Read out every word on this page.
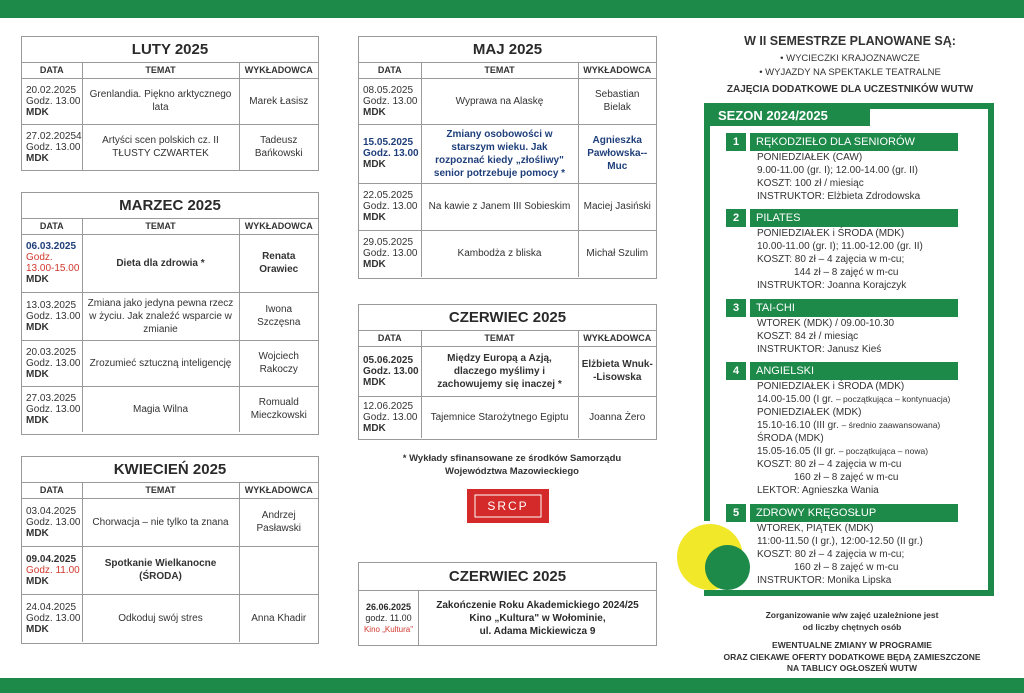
LUTY 2025
DATA	TEMAT	WYKŁADOWCA

20.02.2025
Godz. 13.00
MDK	Grenlandia. Piękno arktycznego lata	Marek Łasisz

27.02.20254
Godz. 13.00
MDK	Artyści scen polskich cz. II TŁUSTY CZWARTEK	Tadeusz Bańkowski
MARZEC 2025
DATA	TEMAT	WYKŁADOWCA

06.03.2025
Godz. 13.00-15.00
MDK	Dieta dla zdrowia *	Renata Orawiec

13.03.2025
Godz. 13.00
MDK	Zmiana jako jedyna pewna rzecz w życiu. Jak znaleźć wsparcie w zmianie	Iwona Szczęsna

20.03.2025
Godz. 13.00
MDK	Zrozumieć sztuczną inteligencję	Wojciech Rakoczy

27.03.2025
Godz. 13.00
MDK	Magia Wilna	Romuald Mieczkowski
KWIECIEŃ 2025
DATA	TEMAT	WYKŁADOWCA

03.04.2025
Godz. 13.00
MDK	Chorwacja – nie tylko ta znana	Andrzej Pasławski

09.04.2025
Godz. 11.00
MDK	Spotkanie Wielkanocne (ŚRODA)	

24.04.2025
Godz. 13.00
MDK	Odkoduj swój stres	Anna Khadir
MAJ 2025
DATA	TEMAT	WYKŁADOWCA

08.05.2025
Godz. 13.00
MDK	Wyprawa na Alaskę	Sebastian Bielak

15.05.2025
Godz. 13.00
MDK	Zmiany osobowości w starszym wieku. Jak rozpoznać kiedy „złośliwy" senior potrzebuje pomocy *	Agnieszka Pawłowska--Muc

22.05.2025
Godz. 13.00
MDK	Na kawie z Janem III Sobieskim	Maciej Jasiński

29.05.2025
Godz. 13.00
MDK	Kambodża z bliska	Michał Szulim
CZERWIEC 2025
DATA	TEMAT	WYKŁADOWCA

05.06.2025
Godz. 13.00
MDK	Między Europą a Azją, dlaczego myślimy i zachowujemy się inaczej *	Elżbieta Wnuk--Lisowska

12.06.2025
Godz. 13.00
MDK	Tajemnice Starożytnego Egiptu	Joanna Żero
* Wykłady sfinansowane ze środków Samorządu
Województwa Mazowieckiego
SRCP
CZERWIEC 2025
26.06.2025
godz. 11.00
Kino „Kultura"
Zakończenie Roku Akademickiego 2024/25
Kino „Kultura" w Wołominie,
ul. Adama Mickiewicza 9
W II SEMESTRZE PLANOWANE SĄ:
• WYCIECZKI KRAJOZNAWCZE
• WYJAZDY NA SPEKTAKLE TEATRALNE
ZAJĘCIA DODATKOWE DLA UCZESTNIKÓW WUTW
SEZON 2024/2025
1	RĘKODZIEŁO DLA SENIORÓW
PONIEDZIAŁEK (CAW)
9.00-11.00 (gr. I); 12.00-14.00 (gr. II)
KOSZT: 100 zł / miesiąc
INSTRUKTOR: Elżbieta Zdrodowska
2	PILATES
PONIEDZIAŁEK i ŚRODA (MDK)
10.00-11.00 (gr. I); 11.00-12.00 (gr. II)
KOSZT: 80 zł – 4 zajęcia w m-cu;
144 zł – 8 zajęć w m-cu
INSTRUKTOR: Joanna Korajczyk
3	TAI-CHI
WTOREK (MDK) / 09.00-10.30
KOSZT: 84 zł / miesiąc
INSTRUKTOR: Janusz Kieś
4	ANGIELSKI
PONIEDZIAŁEK i ŚRODA (MDK)
14.00-15.00 (I gr. – początkująca – kontynuacja)
PONIEDZIAŁEK (MDK)
15.10-16.10 (III gr. – średnio zaawansowana)
ŚRODA (MDK)
15.05-16.05 (II gr. – początkująca – nowa)
KOSZT: 80 zł – 4 zajęcia w m-cu
160 zł – 8 zajęć w m-cu
LEKTOR: Agnieszka Wania
5	ZDROWY KRĘGOSŁUP
WTOREK, PIĄTEK (MDK)
11:00-11.50 (I gr.), 12:00-12.50 (II gr.)
KOSZT: 80 zł – 4 zajęcia w m-cu;
160 zł – 8 zajęć w m-cu
INSTRUKTOR: Monika Lipska
Zorganizowanie w/w zajęć uzależnione jest
od liczby chętnych osób
EWENTUALNE ZMIANY W PROGRAMIE
ORAZ CIEKAWE OFERTY DODATKOWE BĘDĄ ZAMIESZCZONE
NA TABLICY OGŁOSZEŃ WUTW
